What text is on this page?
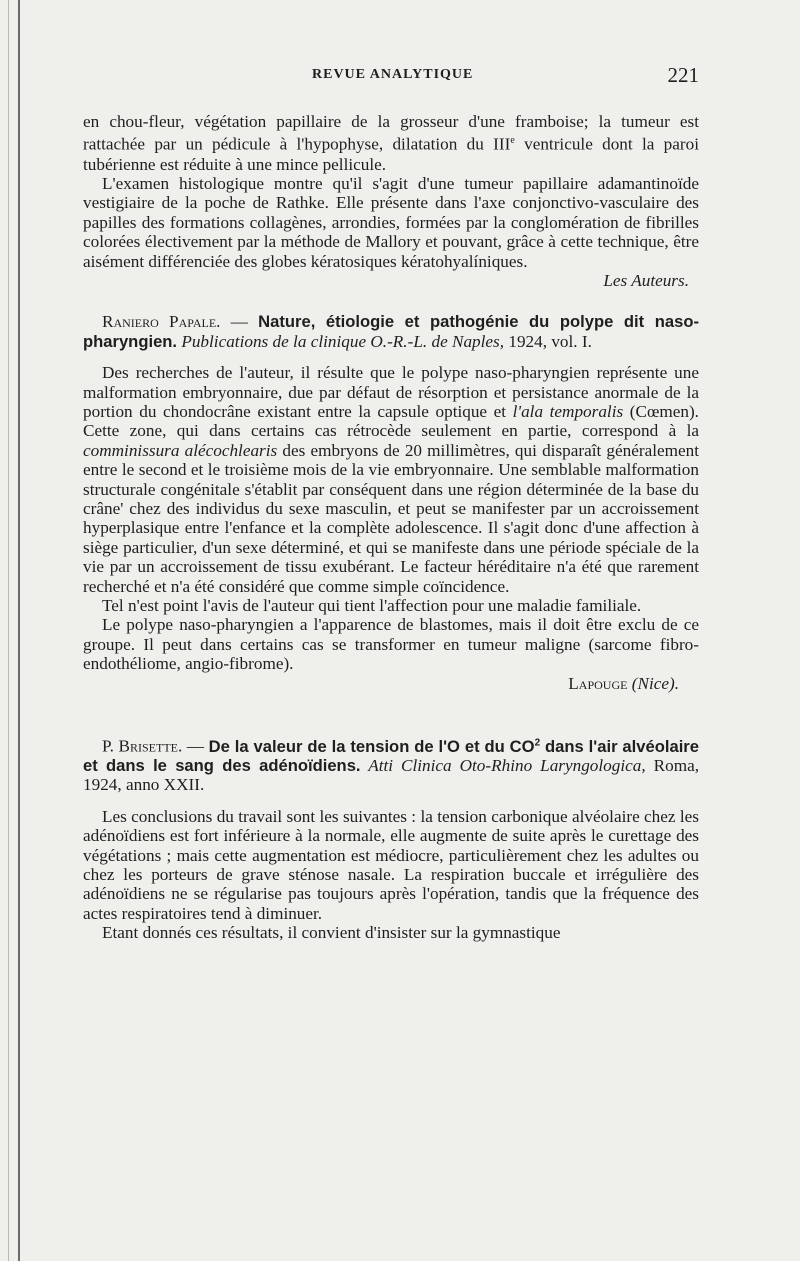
REVUE ANALYTIQUE	221

en chou-fleur, végétation papillaire de la grosseur d'une framboise; la tumeur est rattachée par un pédicule à l'hypophyse, dilatation du IIIe ventricule dont la paroi tubérienne est réduite à une mince pellicule.

L'examen histologique montre qu'il s'agit d'une tumeur papillaire adamantinoïde vestigiaire de la poche de Rathke. Elle présente dans l'axe conjonctivo-vasculaire des papilles des formations collagènes, arrondies, formées par la conglomération de fibrilles colorées électivement par la méthode de Mallory et pouvant, grâce à cette technique, être aisément différenciée des globes kératosiques kératohyalíniques.

Les Auteurs.

Raniero Papale. — Nature, étiologie et pathogénie du polype dit naso-pharyngien. Publications de la clinique O.-R.-L. de Naples, 1924, vol. I.

Des recherches de l'auteur, il résulte que le polype naso-pharyngien représente une malformation embryonnaire, due par défaut de résorption et persistance anormale de la portion du chondocrâne existant entre la capsule optique et l'ala temporalis (Cœmen). Cette zone, qui dans certains cas rétrocède seulement en partie, correspond à la comminissura alécochlearis des embryons de 20 millimètres, qui disparaît généralement entre le second et le troisième mois de la vie embryonnaire. Une semblable malformation structurale congénitale s'établit par conséquent dans une région déterminée de la base du crâne' chez des individus du sexe masculin, et peut se manifester par un accroissement hyperplasique entre l'enfance et la complète adolescence. Il s'agit donc d'une affection à siège particulier, d'un sexe déterminé, et qui se manifeste dans une période spéciale de la vie par un accroissement de tissu exubérant. Le facteur héréditaire n'a été que rarement recherché et n'a été considéré que comme simple coïncidence.

Tel n'est point l'avis de l'auteur qui tient l'affection pour une maladie familiale.

Le polype naso-pharyngien a l'apparence de blastomes, mais il doit être exclu de ce groupe. Il peut dans certains cas se transformer en tumeur maligne (sarcome fibro-endothéliome, angio-fibrome).

Lapouge (Nice).

P. Brisette. — De la valeur de la tension de l'O et du $CO^2$ dans l'air alvéolaire et dans le sang des adénoïdiens. Atti Clinica Oto-Rhino Laryngologica, Roma, 1924, anno XXII.

Les conclusions du travail sont les suivantes : la tension carbonique alvéolaire chez les adénoïdiens est fort inférieure à la normale, elle augmente de suite après le curettage des végétations ; mais cette augmentation est médiocre, particulièrement chez les adultes ou chez les porteurs de grave sténose nasale. La respiration buccale et irrégulière des adénoïdiens ne se régularise pas toujours après l'opération, tandis que la fréquence des actes respiratoires tend à diminuer.

Etant donnés ces résultats, il convient d'insister sur la gymnastique
